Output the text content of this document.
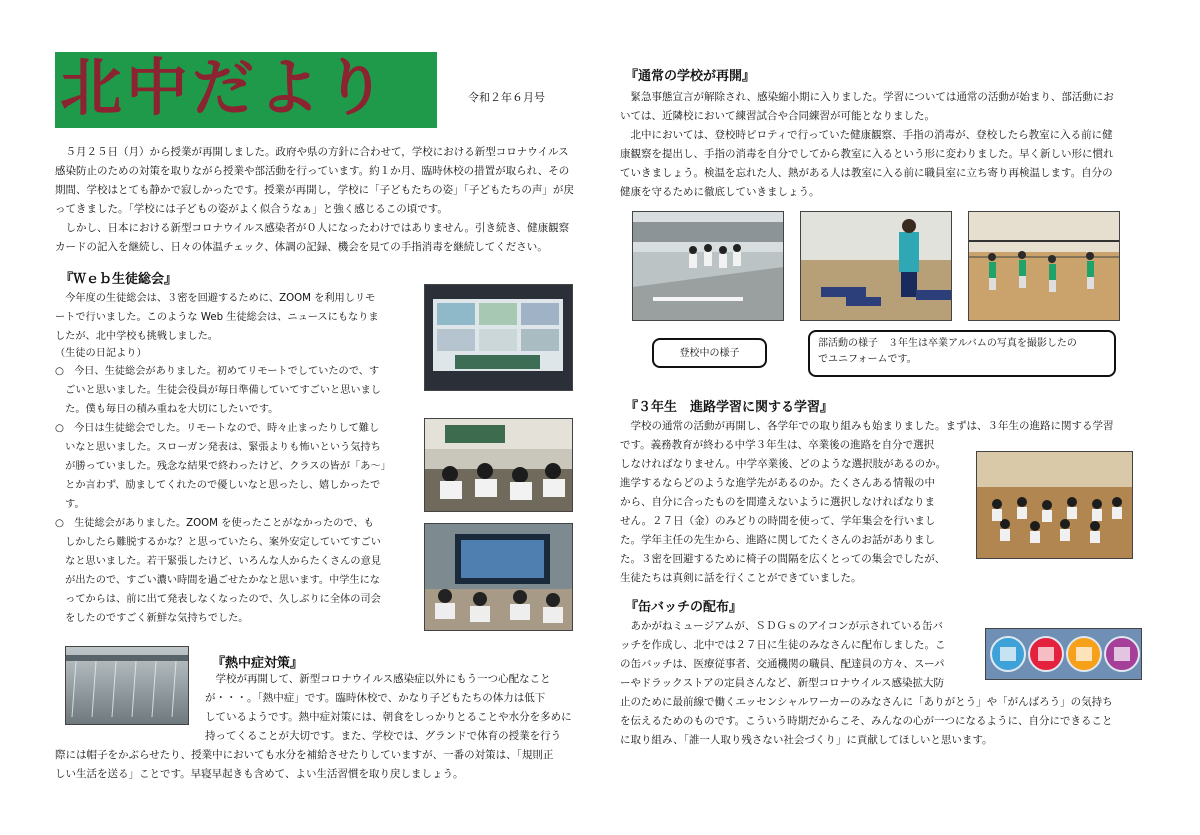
北中だより	令和２年６月号

　５月２５日（月）から授業が再開しました。政府や県の方針に合わせて，学校における新型コロナウイルス

感染防止のための対策を取りながら授業や部活動を行っています。約１か月、臨時休校の措置が取られ、その

期間、学校はとても静かで寂しかったです。授業が再開し，学校に「子どもたちの姿」「子どもたちの声」が戻

ってきました。「学校には子どもの姿がよく似合うなぁ」と強く感じるこの頃です。

　しかし、日本における新型コロナウイルス感染者が０人になったわけではありません。引き続き、健康観察

カードの記入を継続し、日々の体温チェック、体調の記録、機会を見ての手指消毒を継続してください。

『Ｗｅｂ生徒総会』

　今年度の生徒総会は、３密を回避するために、ZOOM を利用しリモ

ートで行いました。このような Web 生徒総会は、ニュースにもなりま

したが、北中学校も挑戦しました。

（生徒の日記より）

○　今日、生徒総会がありました。初めてリモートでしていたので、す

　ごいと思いました。生徒会役員が毎日準備していてすごいと思いまし

　た。僕も毎日の積み重ねを大切にしたいです。

○　今日は生徒総会でした。リモートなので、時々止まったりして難し

　いなと思いました。スローガン発表は、緊張よりも怖いという気持ち

　が勝っていました。残念な結果で終わったけど、クラスの皆が「あ～」

　とか言わず、励ましてくれたので優しいなと思ったし、嬉しかったで

　す。

○　生徒総会がありました。ZOOM を使ったことがなかったので、も

　しかしたら難脱するかな？と思っていたら、案外安定していてすごい

　なと思いました。若干緊張したけど、いろんな人からたくさんの意見

　が出たので、すごい濃い時間を過ごせたかなと思います。中学生にな

　ってからは、前に出て発表しなくなったので、久しぶりに全体の司会

　をしたのですごく新鮮な気持ちでした。

『熱中症対策』

学校が再開して、新型コロナウイルス感染症以外にもう一つ心配なこと

が・・・。「熱中症」です。臨時休校で、かなり子どもたちの体力は低下

しているようです。熱中症対策には、朝食をしっかりとることや水分を多めに

持ってくることが大切です。また、学校では、グランドで体育の授業を行う

際には帽子をかぶらせたり、授業中においても水分を補給させたりしていますが、一番の対策は、「規則正

しい生活を送る」ことです。早寝早起きも含めて、よい生活習慣を取り戻しましょう。

『通常の学校が再開』

　緊急事態宣言が解除され、感染縮小期に入りました。学習については通常の活動が始まり、部活動にお

いては、近隣校において練習試合や合同練習が可能となりました。

　北中においては、登校時ピロティで行っていた健康観察、手指の消毒が、登校したら教室に入る前に健

康観察を提出し、手指の消毒を自分でしてから教室に入るという形に変わりました。早く新しい形に慣れ

ていきましょう。検温を忘れた人、熱がある人は教室に入る前に職員室に立ち寄り再検温します。自分の

健康を守るために徹底していきましょう。

登校中の様子
部活動の様子　３年生は卒業アルバムの写真を撮影したの
でユニフォームです。
『３年生　進路学習に関する学習』

　学校の通常の活動が再開し、各学年での取り組みも始まりました。まずは、３年生の進路に関する学習

です。義務教育が終わる中学３年生は、卒業後の進路を自分で選択

しなければなりません。中学卒業後、どのような選択肢があるのか。

進学するならどのような進学先があるのか。たくさんある情報の中

から、自分に合ったものを間違えないように選択しなければなりま

せん。２７日（金）のみどりの時間を使って、学年集会を行いまし

た。学年主任の先生から、進路に関してたくさんのお話がありまし

た。３密を回避するために椅子の間隔を広くとっての集会でしたが、

生徒たちは真剣に話を行くことができていました。

『缶バッチの配布』

　あかがねミュージアムが、ＳＤＧｓのアイコンが示されている缶バ

ッチを作成し、北中では２７日に生徒のみなさんに配布しました。こ

の缶バッチは、医療従事者、交通機関の職員、配達員の方々、スーパ

ーやドラックストアの定員さんなど、新型コロナウイルス感染拡大防

止のために最前線で働くエッセンシャルワーカーのみなさんに「ありがとう」や「がんばろう」の気持ち

を伝えるためのものです。こういう時期だからこそ、みんなの心が一つになるように、自分にできること

に取り組み、「誰一人取り残さない社会づくり」に貢献してほしいと思います。
